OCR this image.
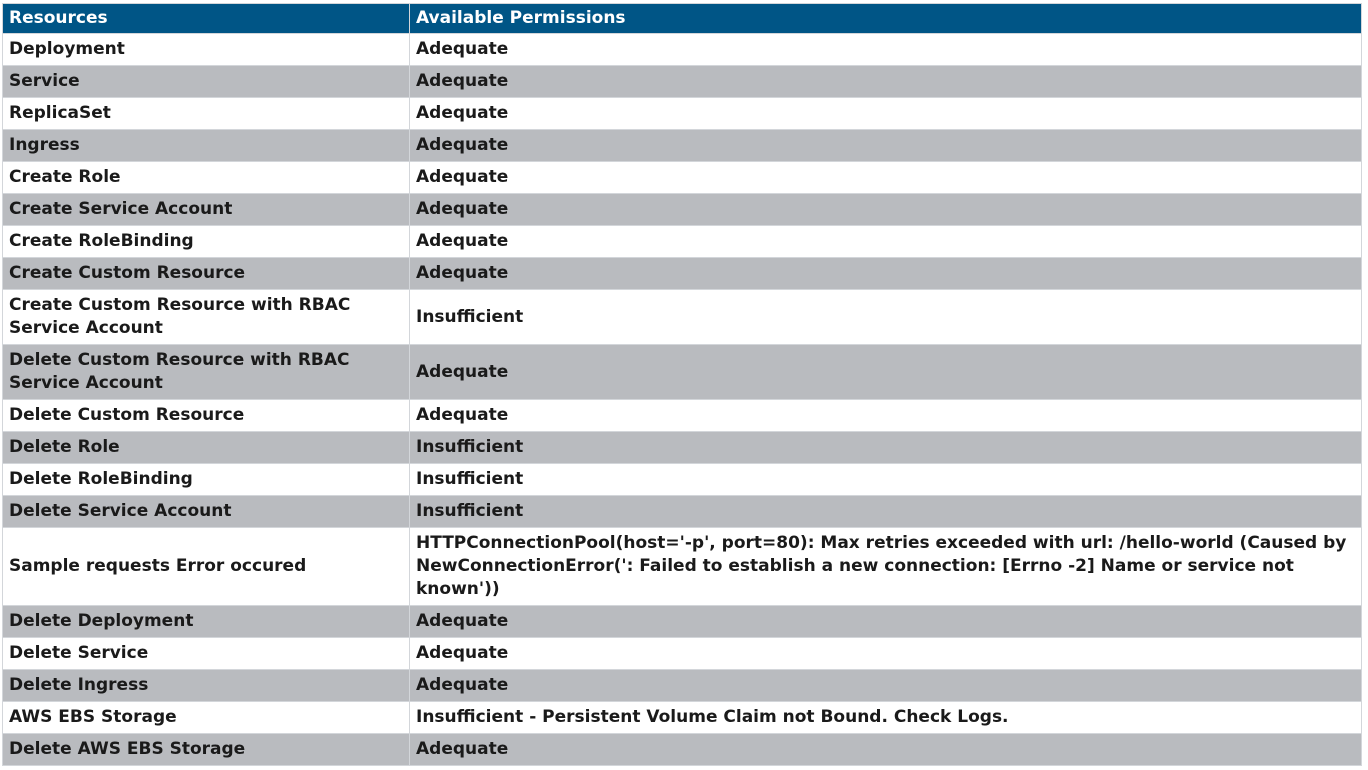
Resources	Available Permissions
Deployment	Adequate
Service	Adequate
ReplicaSet	Adequate
Ingress	Adequate
Create Role	Adequate
Create Service Account	Adequate
Create RoleBinding	Adequate
Create Custom Resource	Adequate
Create Custom Resource with RBAC Service Account	Insufficient
Delete Custom Resource with RBAC Service Account	Adequate
Delete Custom Resource	Adequate
Delete Role	Insufficient
Delete RoleBinding	Insufficient
Delete Service Account	Insufficient
Sample requests Error occured	HTTPConnectionPool(host='-p', port=80): Max retries exceeded with url: /hello-world (Caused by NewConnectionError(': Failed to establish a new connection: [Errno -2] Name or service not known'))
Delete Deployment	Adequate
Delete Service	Adequate
Delete Ingress	Adequate
AWS EBS Storage	Insufficient - Persistent Volume Claim not Bound. Check Logs.
Delete AWS EBS Storage	Adequate
